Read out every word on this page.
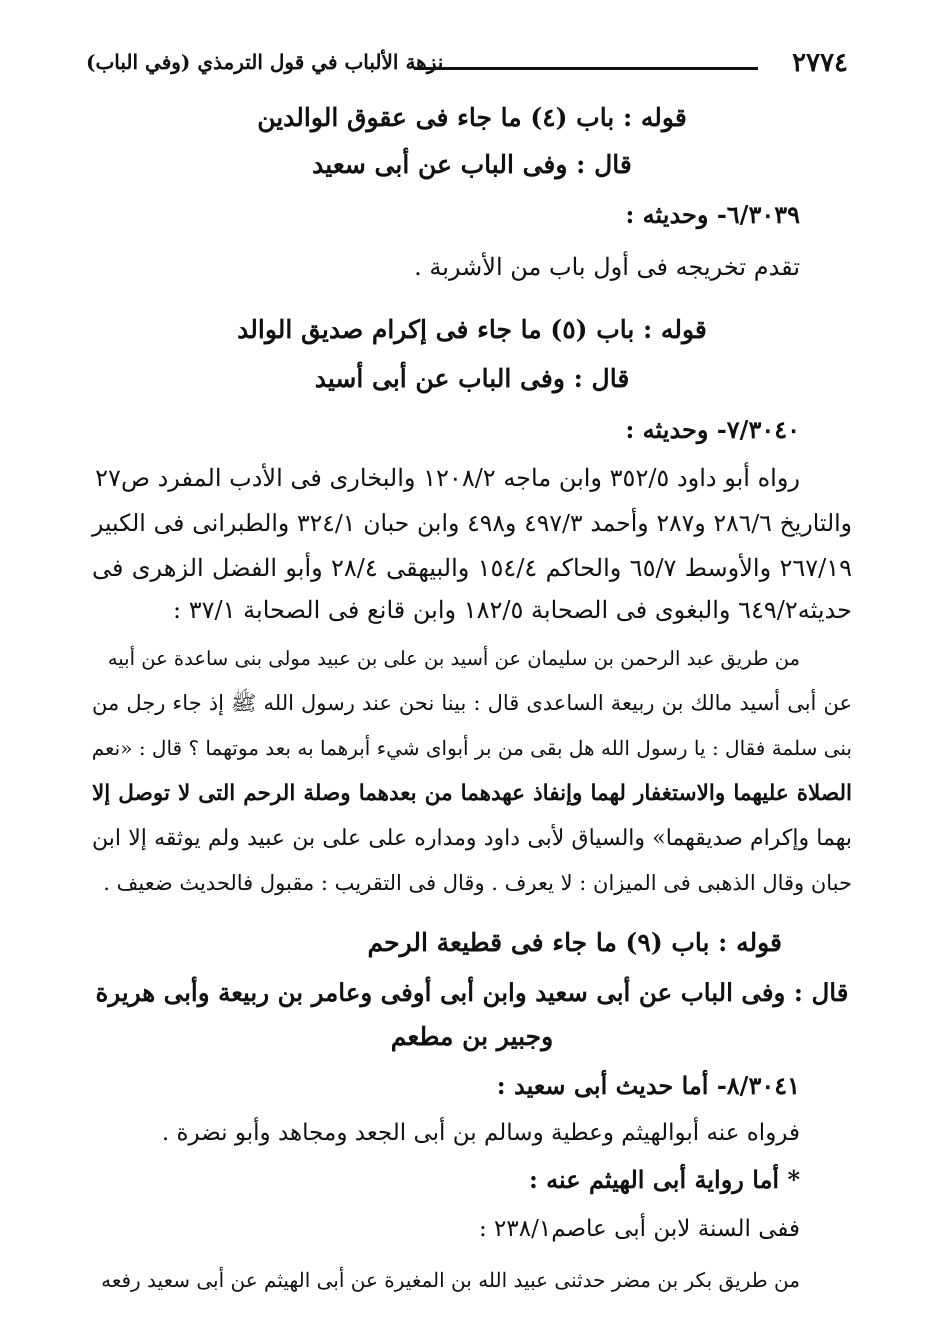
٢٧٧٤
نزهة الألباب في قول الترمذي (وفي الباب)
قوله : باب (٤) ما جاء فى عقوق الوالدين
قال : وفى الباب عن أبى سعيد
٦/٣٠٣٩- وحديثه :
تقدم تخريجه فى أول باب من الأشربة .
قوله : باب (٥) ما جاء فى إكرام صديق الوالد
قال : وفى الباب عن أبى أسيد
٧/٣٠٤٠- وحديثه :
رواه أبو داود ٣٥٢/٥ وابن ماجه ١٢٠٨/٢ والبخارى فى الأدب المفرد ص٢٧
والتاريخ ٢٨٦/٦ و٢٨٧ وأحمد ٤٩٧/٣ و٤٩٨ وابن حبان ٣٢٤/١ والطبرانى فى الكبير
٢٦٧/١٩ والأوسط ٦٥/٧ والحاكم ١٥٤/٤ والبيهقى ٢٨/٤ وأبو الفضل الزهرى فى
حديثه٦٤٩/٢ والبغوى فى الصحابة ١٨٢/٥ وابن قانع فى الصحابة ٣٧/١ :
من طريق عبد الرحمن بن سليمان عن أسيد بن على بن عبيد مولى بنى ساعدة عن أبيه
عن أبى أسيد مالك بن ربيعة الساعدى قال : بينا نحن عند رسول الله ﷺ إذ جاء رجل من
بنى سلمة فقال : يا رسول الله هل بقى من بر أبواى شيء أبرهما به بعد موتهما ؟ قال : «نعم
الصلاة عليهما والاستغفار لهما وإنفاذ عهدهما من بعدهما وصلة الرحم التى لا توصل إلا
بهما وإكرام صديقهما» والسياق لأبى داود ومداره على على بن عبيد ولم يوثقه إلا ابن
حبان وقال الذهبى فى الميزان : لا يعرف . وقال فى التقريب : مقبول فالحديث ضعيف .
قوله : باب (٩) ما جاء فى قطيعة الرحم
قال : وفى الباب عن أبى سعيد وابن أبى أوفى وعامر بن ربيعة وأبى هريرة
وجبير بن مطعم
٨/٣٠٤١- أما حديث أبى سعيد :
فرواه عنه أبوالهيثم وعطية وسالم بن أبى الجعد ومجاهد وأبو نضرة .
* أما رواية أبى الهيثم عنه :
ففى السنة لابن أبى عاصم٢٣٨/١ :
من طريق بكر بن مضر حدثنى عبيد الله بن المغيرة عن أبى الهيثم عن أبى سعيد رفعه
